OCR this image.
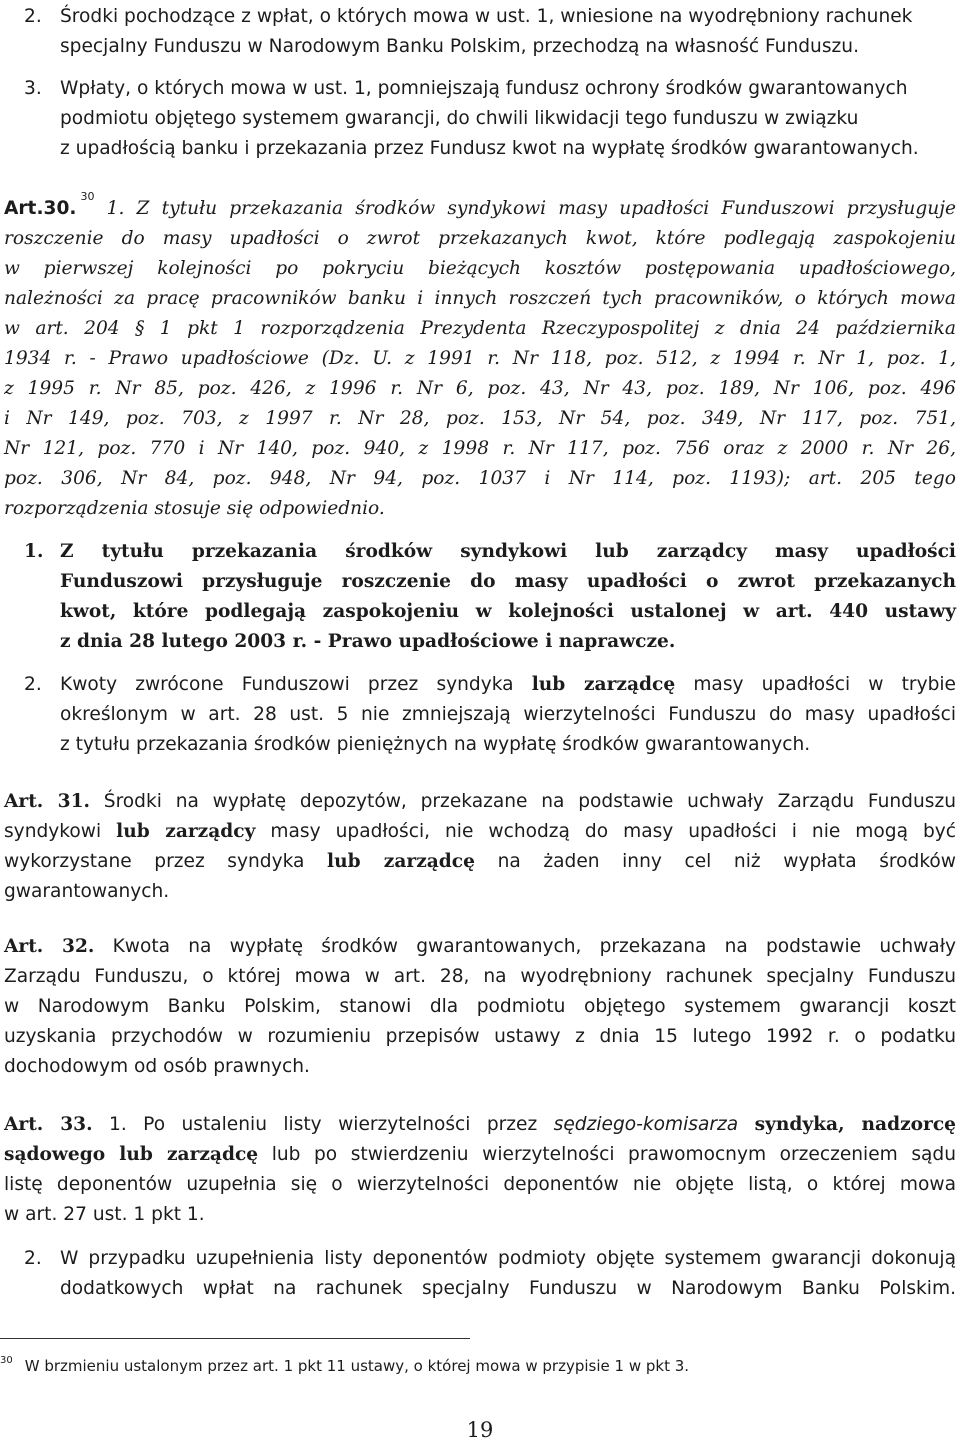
2. Środki pochodzące z wpłat, o których mowa w ust. 1, wniesione na wyodrębniony rachunek
specjalny Funduszu w Narodowym Banku Polskim, przechodzą na własność Funduszu.
3. Wpłaty, o których mowa w ust. 1, pomniejszają fundusz ochrony środków gwarantowanych
podmiotu objętego systemem gwarancji, do chwili likwidacji tego funduszu w związku
z upadłością banku i przekazania przez Fundusz kwot na wypłatę środków gwarantowanych.
Art.30.30 1. Z tytułu przekazania środków syndykowi masy upadłości Funduszowi przysługuje
roszczenie do masy upadłości o zwrot przekazanych kwot, które podlegają zaspokojeniu
w pierwszej kolejności po pokryciu bieżących kosztów postępowania upadłościowego,
należności za pracę pracowników banku i innych roszczeń tych pracowników, o których mowa
w art. 204 § 1 pkt 1 rozporządzenia Prezydenta Rzeczypospolitej z dnia 24 października
1934 r. - Prawo upadłościowe (Dz. U. z 1991 r. Nr 118, poz. 512, z 1994 r. Nr 1, poz. 1,
z 1995 r. Nr 85, poz. 426, z 1996 r. Nr 6, poz. 43, Nr 43, poz. 189, Nr 106, poz. 496
i Nr 149, poz. 703, z 1997 r. Nr 28, poz. 153, Nr 54, poz. 349, Nr 117, poz. 751,
Nr 121, poz. 770 i Nr 140, poz. 940, z 1998 r. Nr 117, poz. 756 oraz z 2000 r. Nr 26,
poz. 306, Nr 84, poz. 948, Nr 94, poz. 1037 i Nr 114, poz. 1193); art. 205 tego
rozporządzenia stosuje się odpowiednio.
1. Z tytułu przekazania środków syndykowi lub zarządcy masy upadłości
Funduszowi przysługuje roszczenie do masy upadłości o zwrot przekazanych
kwot, które podlegają zaspokojeniu w kolejności ustalonej w art. 440 ustawy
z dnia 28 lutego 2003 r. - Prawo upadłościowe i naprawcze.
2. Kwoty zwrócone Funduszowi przez syndyka lub zarządcę masy upadłości w trybie
określonym w art. 28 ust. 5 nie zmniejszają wierzytelności Funduszu do masy upadłości
z tytułu przekazania środków pieniężnych na wypłatę środków gwarantowanych.
Art. 31. Środki na wypłatę depozytów, przekazane na podstawie uchwały Zarządu Funduszu
syndykowi lub zarządcy masy upadłości, nie wchodzą do masy upadłości i nie mogą być
wykorzystane przez syndyka lub zarządcę na żaden inny cel niż wypłata środków
gwarantowanych.
Art. 32. Kwota na wypłatę środków gwarantowanych, przekazana na podstawie uchwały
Zarządu Funduszu, o której mowa w art. 28, na wyodrębniony rachunek specjalny Funduszu
w Narodowym Banku Polskim, stanowi dla podmiotu objętego systemem gwarancji koszt
uzyskania przychodów w rozumieniu przepisów ustawy z dnia 15 lutego 1992 r. o podatku
dochodowym od osób prawnych.
Art. 33. 1. Po ustaleniu listy wierzytelności przez sędziego-komisarza syndyka, nadzorcę
sądowego lub zarządcę lub po stwierdzeniu wierzytelności prawomocnym orzeczeniem sądu
listę deponentów uzupełnia się o wierzytelności deponentów nie objęte listą, o której mowa
w art. 27 ust. 1 pkt 1.
2. W przypadku uzupełnienia listy deponentów podmioty objęte systemem gwarancji dokonują
dodatkowych wpłat na rachunek specjalny Funduszu w Narodowym Banku Polskim.
$^{30}$ W brzmieniu ustalonym przez art. 1 pkt 11 ustawy, o której mowa w przypisie 1 w pkt 3.
19
